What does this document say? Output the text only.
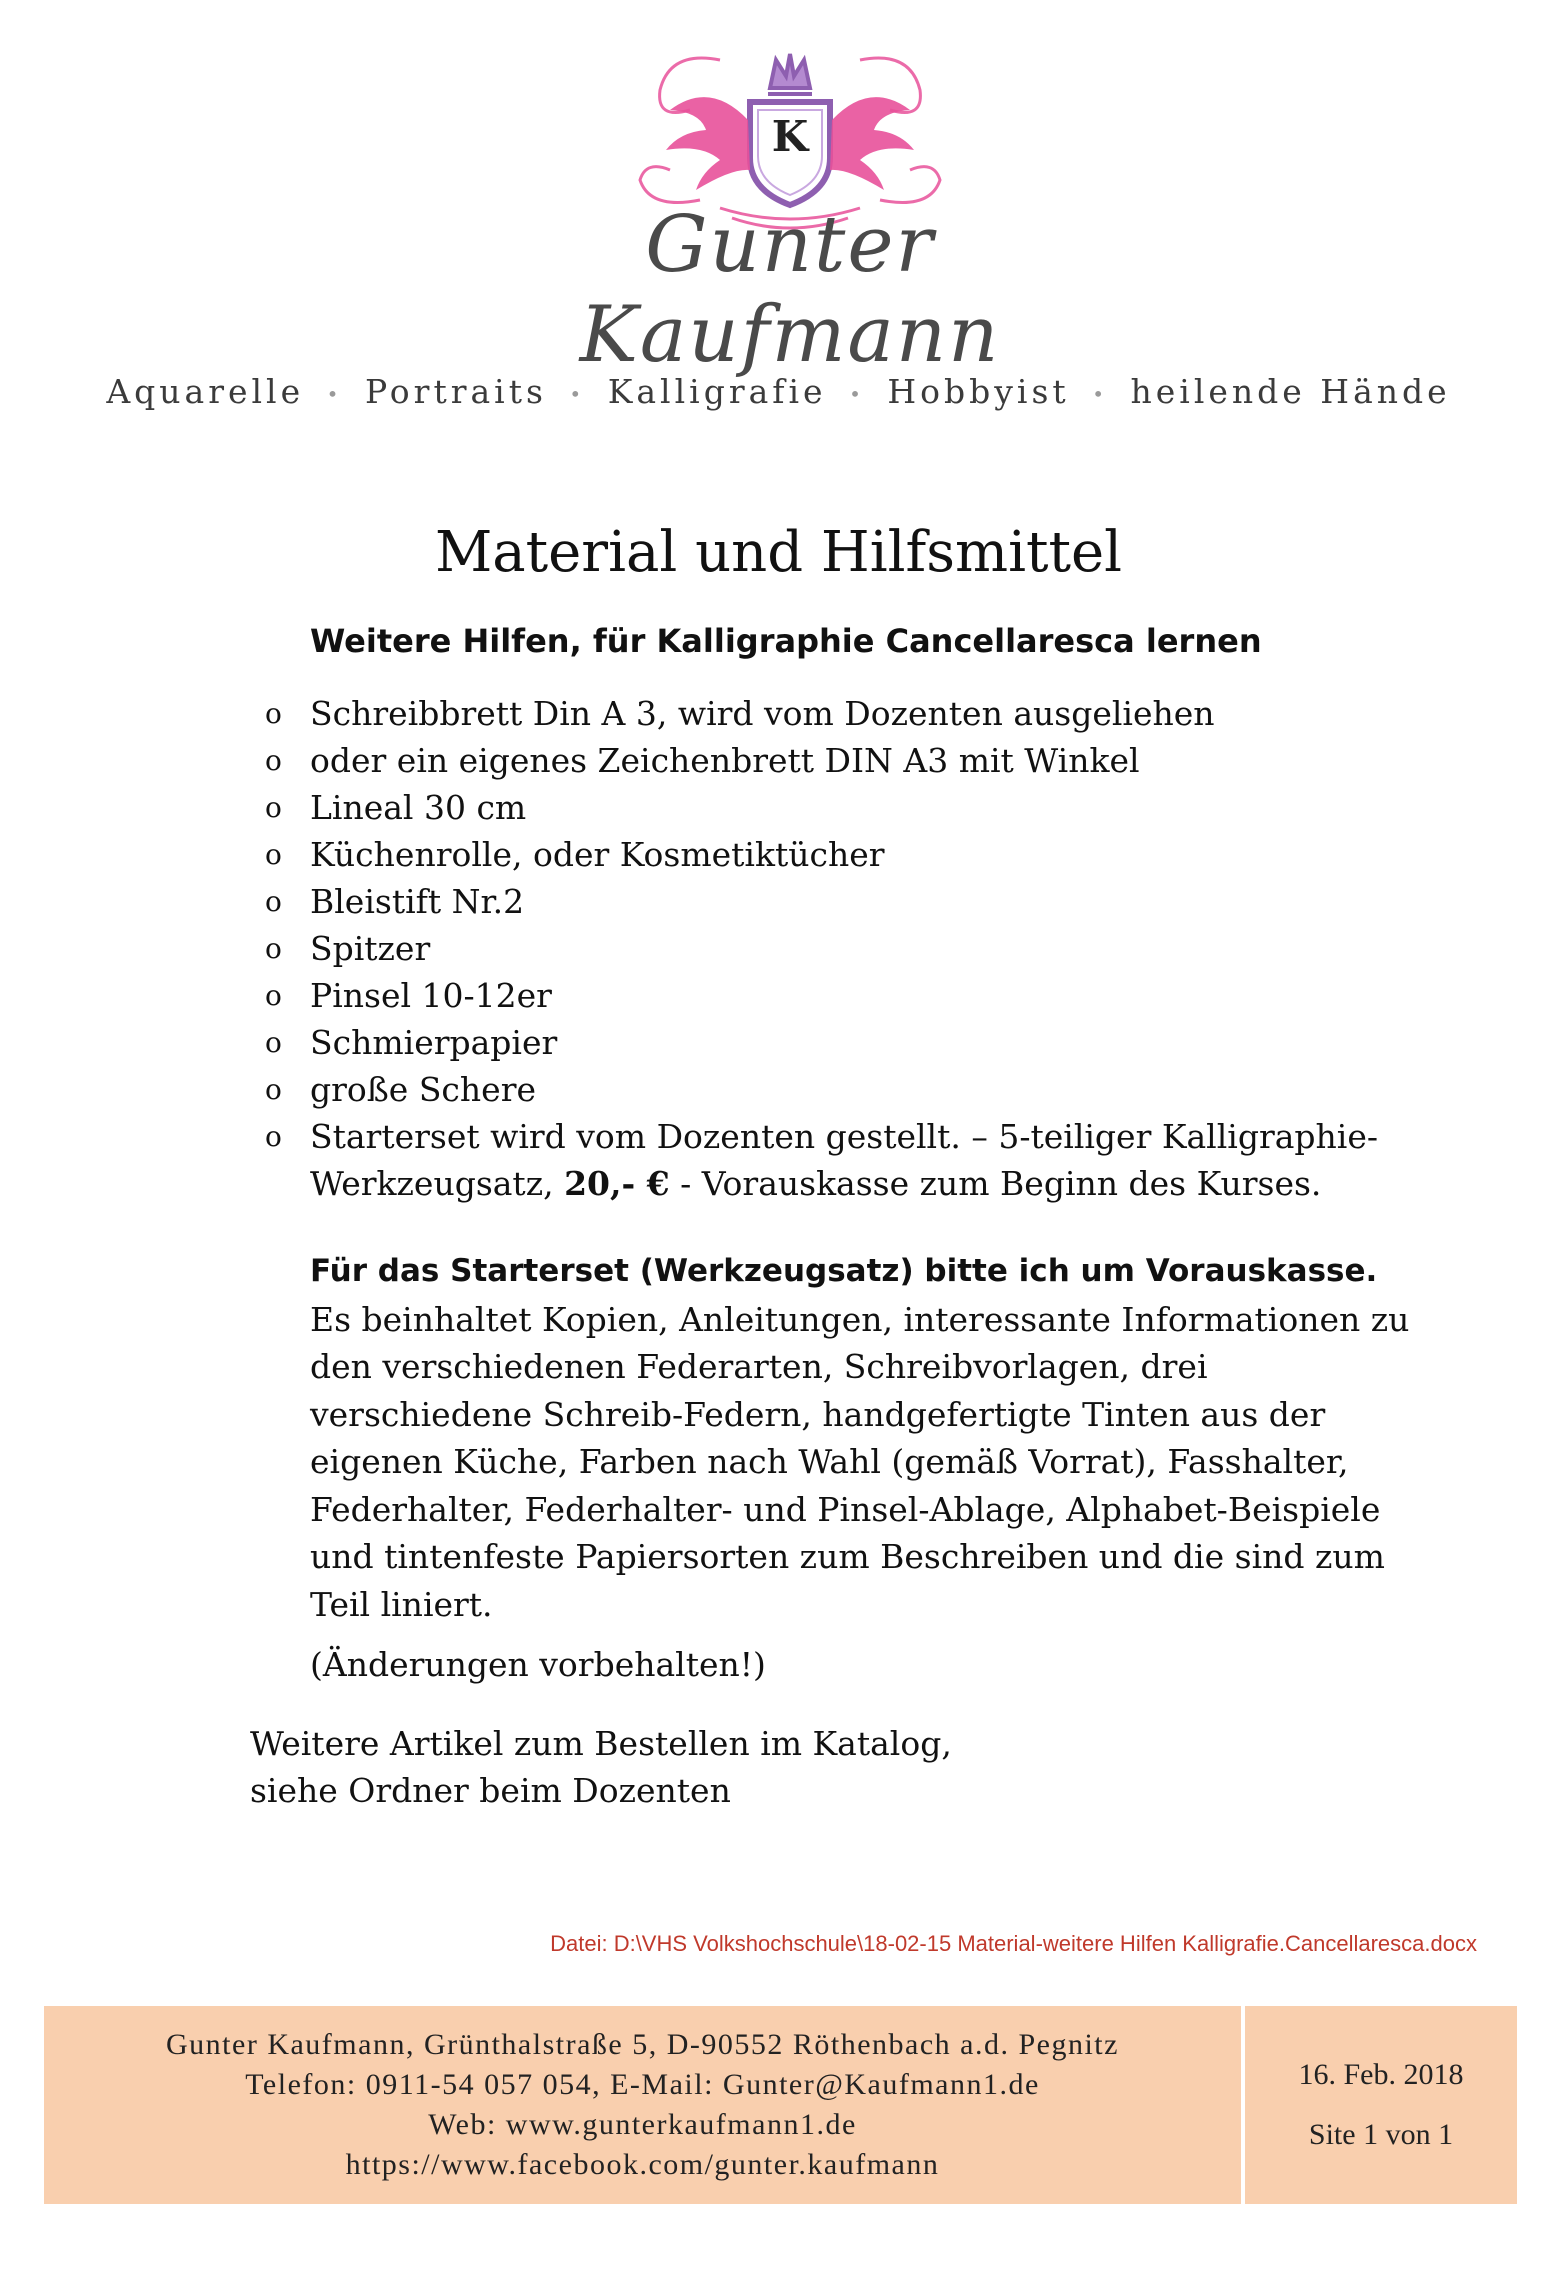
Gunter Kaufmann
K
Aquarelle • Portraits • Kalligrafie • Hobbyist • heilende Hände
Material und Hilfsmittel
Weitere Hilfen, für Kalligraphie Cancellaresca lernen
o Schreibbrett Din A 3, wird vom Dozenten ausgeliehen
o oder ein eigenes Zeichenbrett DIN A3 mit Winkel
o Lineal 30 cm
o Küchenrolle, oder Kosmetiktücher
o Bleistift Nr.2
o Spitzer
o Pinsel 10-12er
o Schmierpapier
o große Schere
o Starterset wird vom Dozenten gestellt. – 5-teiliger Kalligraphie-
Werkzeugsatz, 20,- € - Vorauskasse zum Beginn des Kurses.
Für das Starterset (Werkzeugsatz) bitte ich um Vorauskasse.
Es beinhaltet Kopien, Anleitungen, interessante Informationen zu
den verschiedenen Federarten, Schreibvorlagen, drei
verschiedene Schreib-Federn, handgefertigte Tinten aus der
eigenen Küche, Farben nach Wahl (gemäß Vorrat), Fasshalter,
Federhalter, Federhalter- und Pinsel-Ablage, Alphabet-Beispiele
und tintenfeste Papiersorten zum Beschreiben und die sind zum
Teil liniert.
(Änderungen vorbehalten!)
Weitere Artikel zum Bestellen im Katalog,
siehe Ordner beim Dozenten
Datei: D:\VHS Volkshochschule\18-02-15 Material-weitere Hilfen Kalligrafie.Cancellaresca.docx
Gunter Kaufmann, Grünthalstraße 5, D-90552 Röthenbach a.d. Pegnitz
Telefon: 0911-54 057 054, E-Mail: Gunter@Kaufmann1.de
Web: www.gunterkaufmann1.de
https://www.facebook.com/gunter.kaufmann
16. Feb. 2018
Site 1 von 1
